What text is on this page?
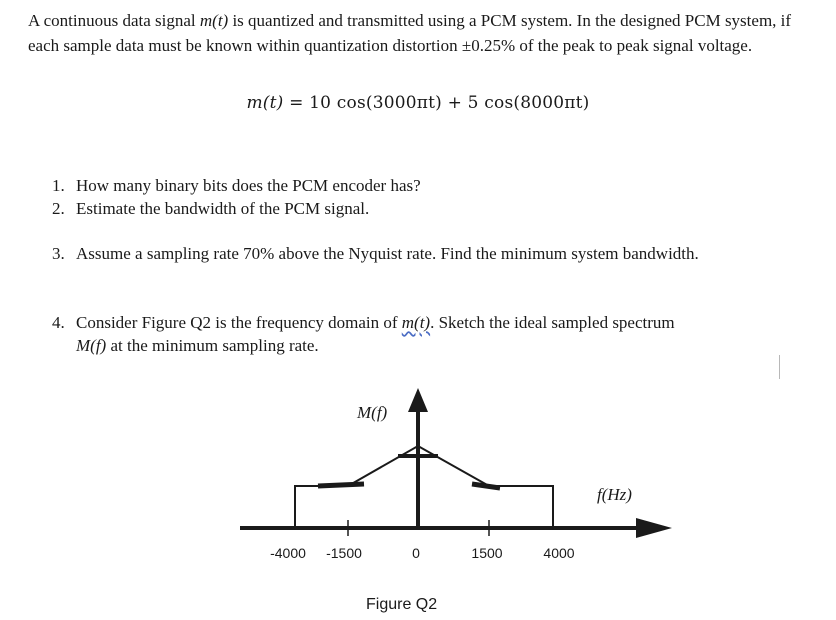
A continuous data signal m(t) is quantized and transmitted using a PCM system. In the designed PCM system, if each sample data must be known within quantization distortion ±0.25% of the peak to peak signal voltage.

m(t) = 10 cos(3000πt) + 5 cos(8000πt)

1. How many binary bits does the PCM encoder has?

2. Estimate the bandwidth of the PCM signal.

3. Assume a sampling rate 70% above the Nyquist rate. Find the minimum system bandwidth.

4. Consider Figure Q2 is the frequency domain of m(t). Sketch the ideal sampled spectrum
M(f) at the minimum sampling rate.

M(f)
f(Hz)
-4000 -1500	0	1500	4000
Figure Q2
